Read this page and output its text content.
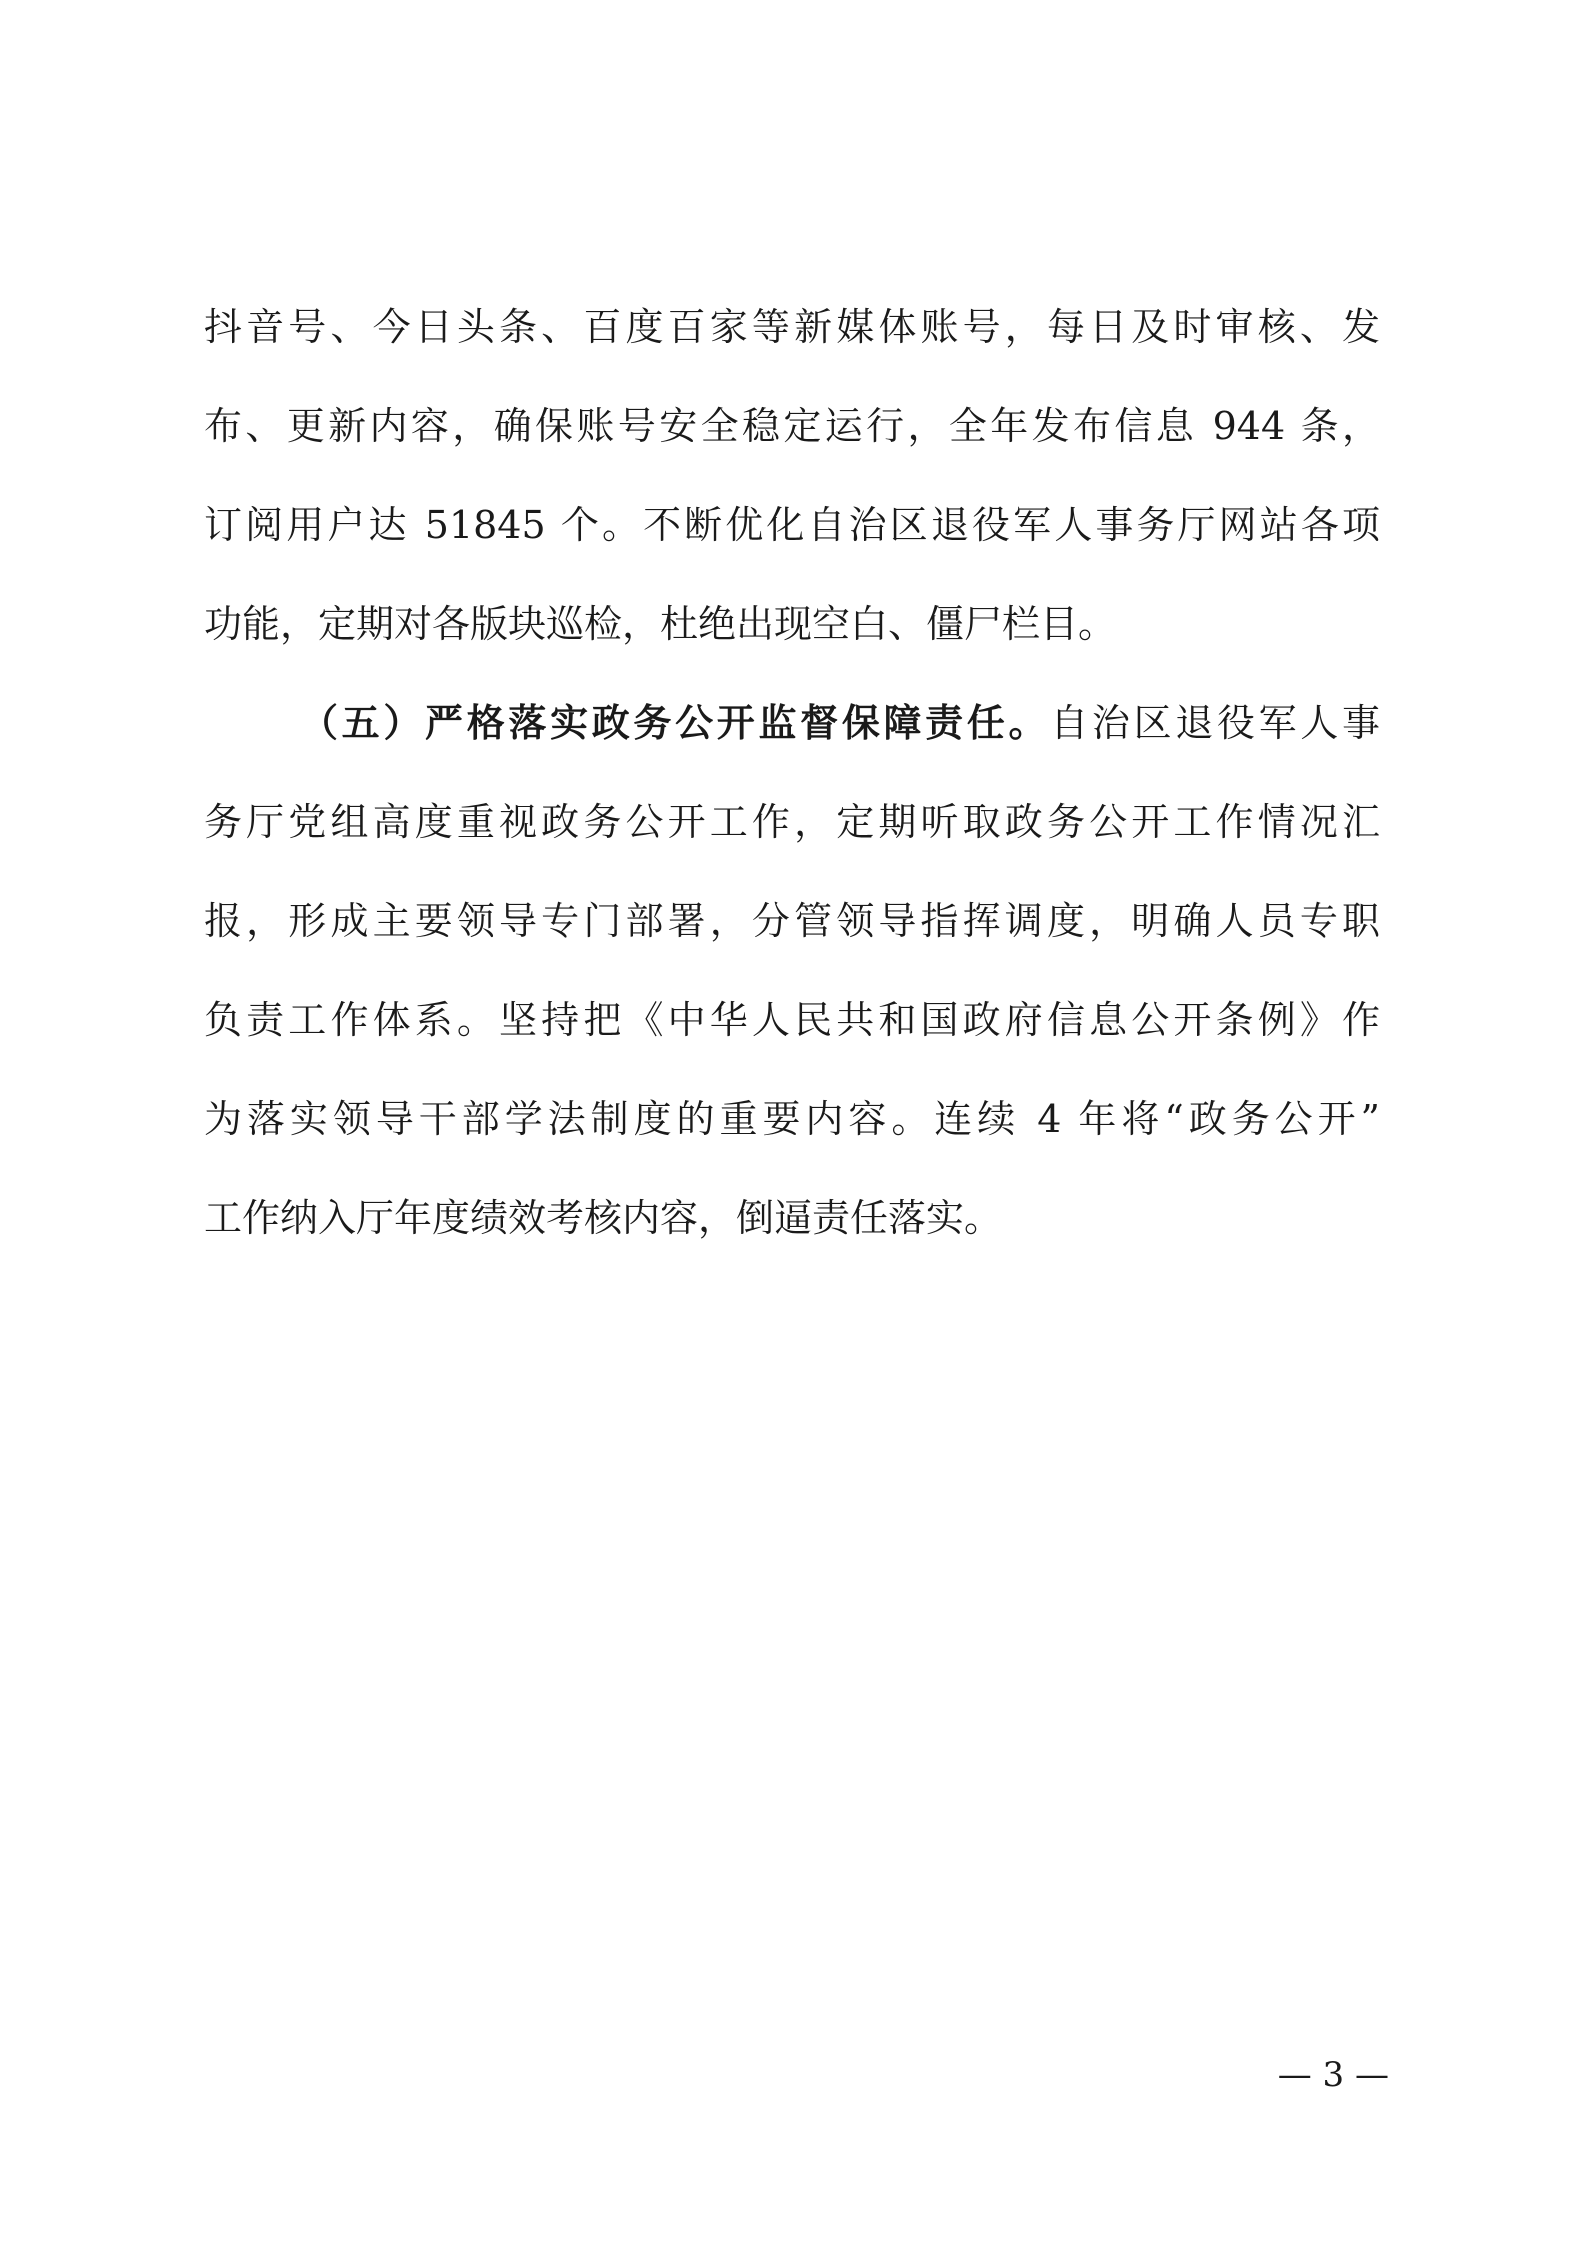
抖音号、今日头条、百度百家等新媒体账号，每日及时审核、发
布、更新内容，确保账号安全稳定运行，全年发布信息 944 条，
订阅用户达 51845 个。不断优化自治区退役军人事务厅网站各项
功能，定期对各版块巡检，杜绝出现空白、僵尸栏目。
（五）严格落实政务公开监督保障责任。自治区退役军人事
务厅党组高度重视政务公开工作，定期听取政务公开工作情况汇
报，形成主要领导专门部署，分管领导指挥调度，明确人员专职
负责工作体系。坚持把《中华人民共和国政府信息公开条例》作
为落实领导干部学法制度的重要内容。连续 4 年将“政务公开”
工作纳入厅年度绩效考核内容，倒逼责任落实。
— 3 —
